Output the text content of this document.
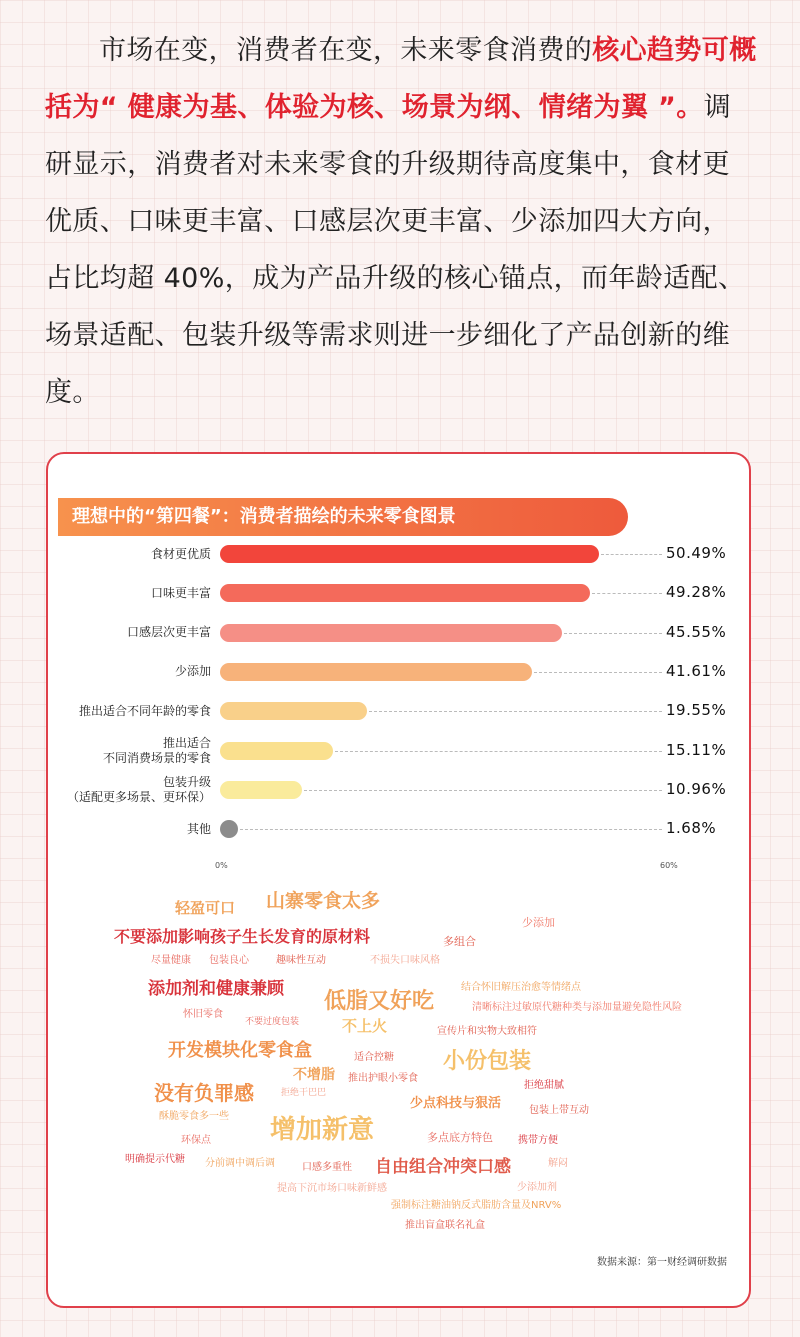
市场在变，消费者在变，未来零食消费的核心趋势可概括为“ 健康为基、体验为核、场景为纲、情绪为翼 ”。调研显示，消费者对未来零食的升级期待高度集中，食材更优质、口味更丰富、口感层次更丰富、少添加四大方向，占比均超 40%，成为产品升级的核心锚点，而年龄适配、场景适配、包装升级等需求则进一步细化了产品创新的维度。

理想中的“第四餐”：消费者描绘的未来零食图景
食材更优质	50.49%
口味更丰富	49.28%
口感层次更丰富	45.55%
少添加	41.61%
推出适合不同年龄的零食	19.55%
推出适合
不同消费场景的零食	15.11%
包装升级
（适配更多场景、更环保）	10.96%
其他	1.68%
0%	60%
轻盈可口 山寨零食太多
少添加
不要添加影响孩子生长发育的原材料	多组合
尽量健康 包装良心	趣味性互动	不损失口味风格
添加剂和健康兼顾 低脂又好吃
结合怀旧解压治愈等情绪点
怀旧零食
清晰标注过敏原代糖种类与添加量避免隐性风险
不要过度包装	不上火	宣传片和实物大致相符
开发模块化零食盒	适合控糖 小份包装
不增脂
拒绝干巴巴
推出护眼小零食
拒绝甜腻
没有负罪感	少点科技与狠活
酥脆零食多一些
包装上带互动
增加新意
环保点	多点底方特色	携带方便
明确提示代糖 分前调中调后调	口感多重性 自由组合冲突口感	解闷
提高下沉市场口味新鲜感	少添加剂
强制标注糖油钠反式脂肪含量及NRV%
推出盲盒联名礼盒
数据来源：第一财经调研数据
